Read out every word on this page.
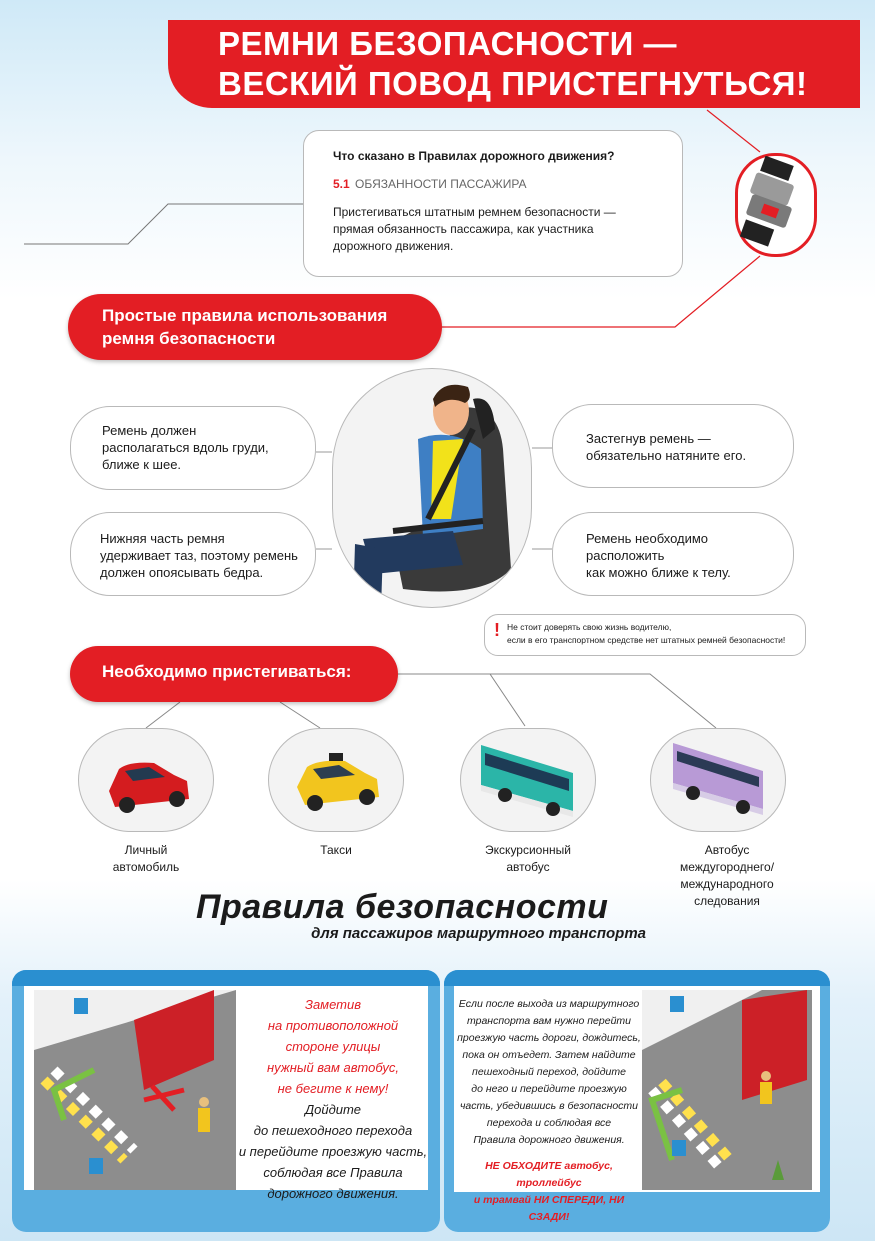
РЕМНИ БЕЗОПАСНОСТИ —
ВЕСКИЙ ПОВОД ПРИСТЕГНУТЬСЯ!
Что сказано в Правилах дорожного движения?
5.1 ОБЯЗАННОСТИ ПАССАЖИРА
Пристегиваться штатным ремнем безопасности —
прямая обязанность пассажира, как участника
дорожного движения.
Простые правила использования
ремня безопасности
Ремень должен
располагаться вдоль груди,
ближе к шее.
Застегнув ремень —
обязательно натяните его.
Нижняя часть ремня
удерживает таз, поэтому ремень
должен опоясывать бедра.
Ремень необходимо
расположить
как можно ближе к телу.
! Не стоит доверять свою жизнь водителю,
если в его транспортном средстве нет штатных ремней безопасности!
Необходимо пристегиваться:
Личный
автомобиль
Такси	Экскурсионный
автобус
Автобус
междугороднего/
международного
следования
Правила безопасности
для пассажиров маршрутного транспорта
Заметив
на противоположной
стороне улицы
нужный вам автобус,
не бегите к нему!
Дойдите
до пешеходного перехода
и перейдите проезжую часть,
соблюдая все Правила
дорожного движения.
Если после выхода из маршрутного
транспорта вам нужно перейти
проезжую часть дороги, дождитесь,
пока он отъедет. Затем найдите
пешеходный переход, дойдите
до него и перейдите проезжую
часть, убедившись в безопасности
перехода и соблюдая все
Правила дорожного движения.
НЕ ОБХОДИТЕ автобус, троллейбус
и трамвай НИ СПЕРЕДИ, НИ СЗАДИ!
